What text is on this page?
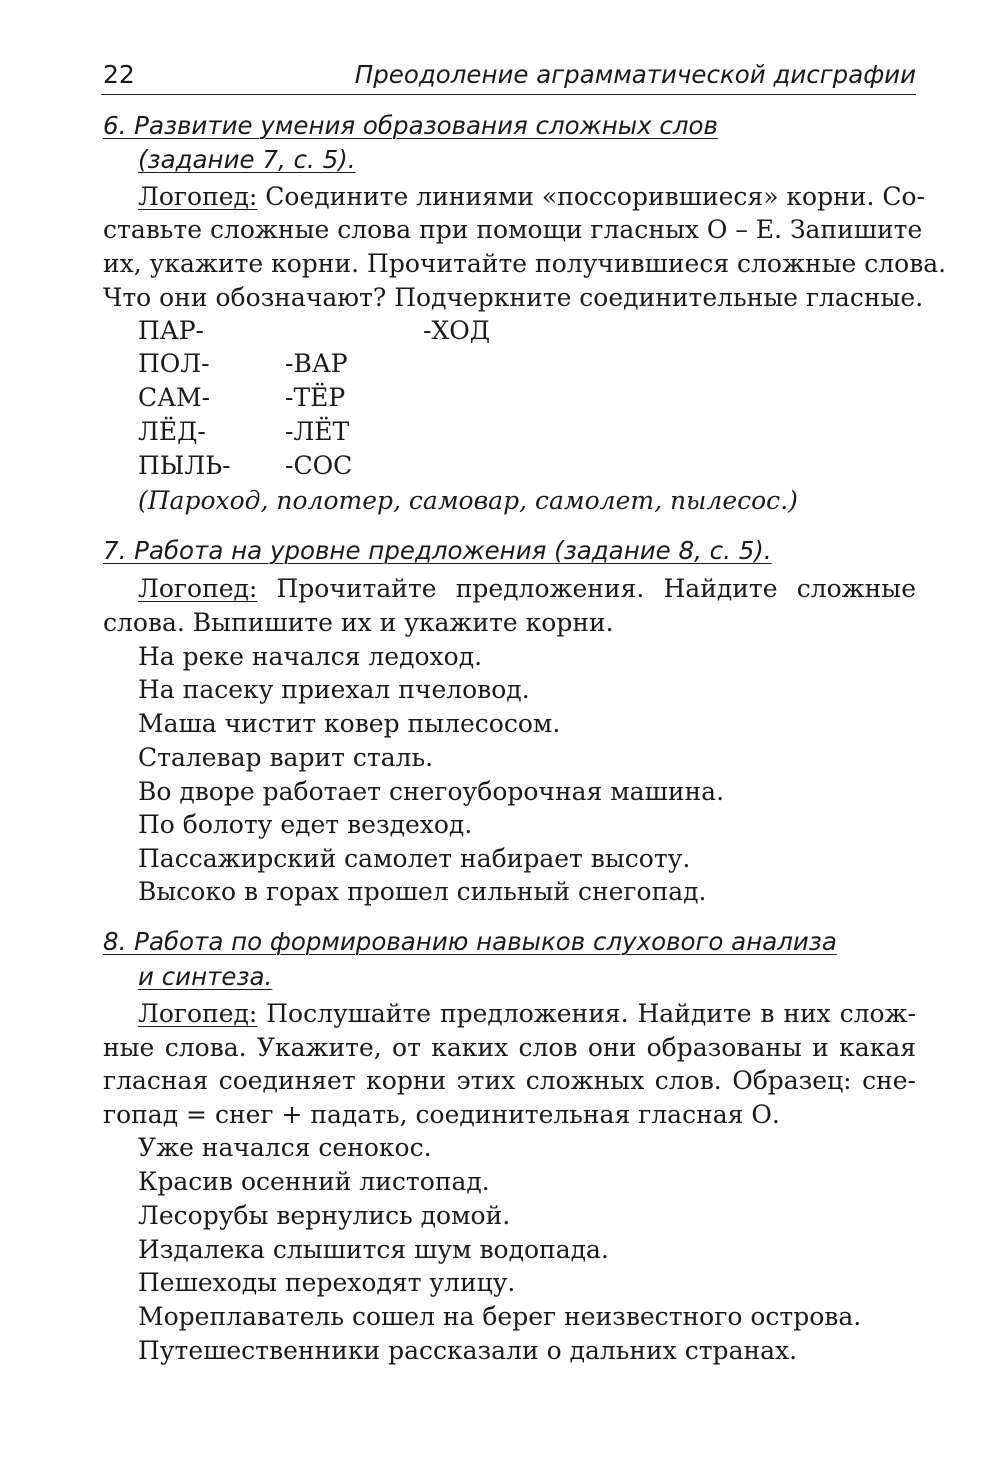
22	Преодоление аграмматической дисграфии
6. Развитие умения образования сложных слов
(задание 7, с. 5).
Логопед: Соедините линиями «поссорившиеся» корни. Со-
ставьте сложные слова при помощи гласных О – Е. Запишите
их, укажите корни. Прочитайте получившиеся сложные слова.
Что они обозначают? Подчеркните соединительные гласные.
ПАР-	-ХОД
ПОЛ-	-ВАР
САМ-	-ТЁР
ЛЁД-	-ЛЁТ
ПЫЛЬ- -СОС
(Пароход, полотер, самовар, самолет, пылесос.)
7. Работа на уровне предложения (задание 8, с. 5).
Логопед: Прочитайте предложения. Найдите сложные
слова. Выпишите их и укажите корни.
На реке начался ледоход.
На пасеку приехал пчеловод.
Маша чистит ковер пылесосом.
Сталевар варит сталь.
Во дворе работает снегоуборочная машина.
По болоту едет вездеход.
Пассажирский самолет набирает высоту.
Высоко в горах прошел сильный снегопад.
8. Работа по формированию навыков слухового анализа
и синтеза.
Логопед: Послушайте предложения. Найдите в них слож-
ные слова. Укажите, от каких слов они образованы и какая
гласная соединяет корни этих сложных слов. Образец: сне-
гопад = снег + падать, соединительная гласная О.
Уже начался сенокос.
Красив осенний листопад.
Лесорубы вернулись домой.
Издалека слышится шум водопада.
Пешеходы переходят улицу.
Мореплаватель сошел на берег неизвестного острова.
Путешественники рассказали о дальних странах.
